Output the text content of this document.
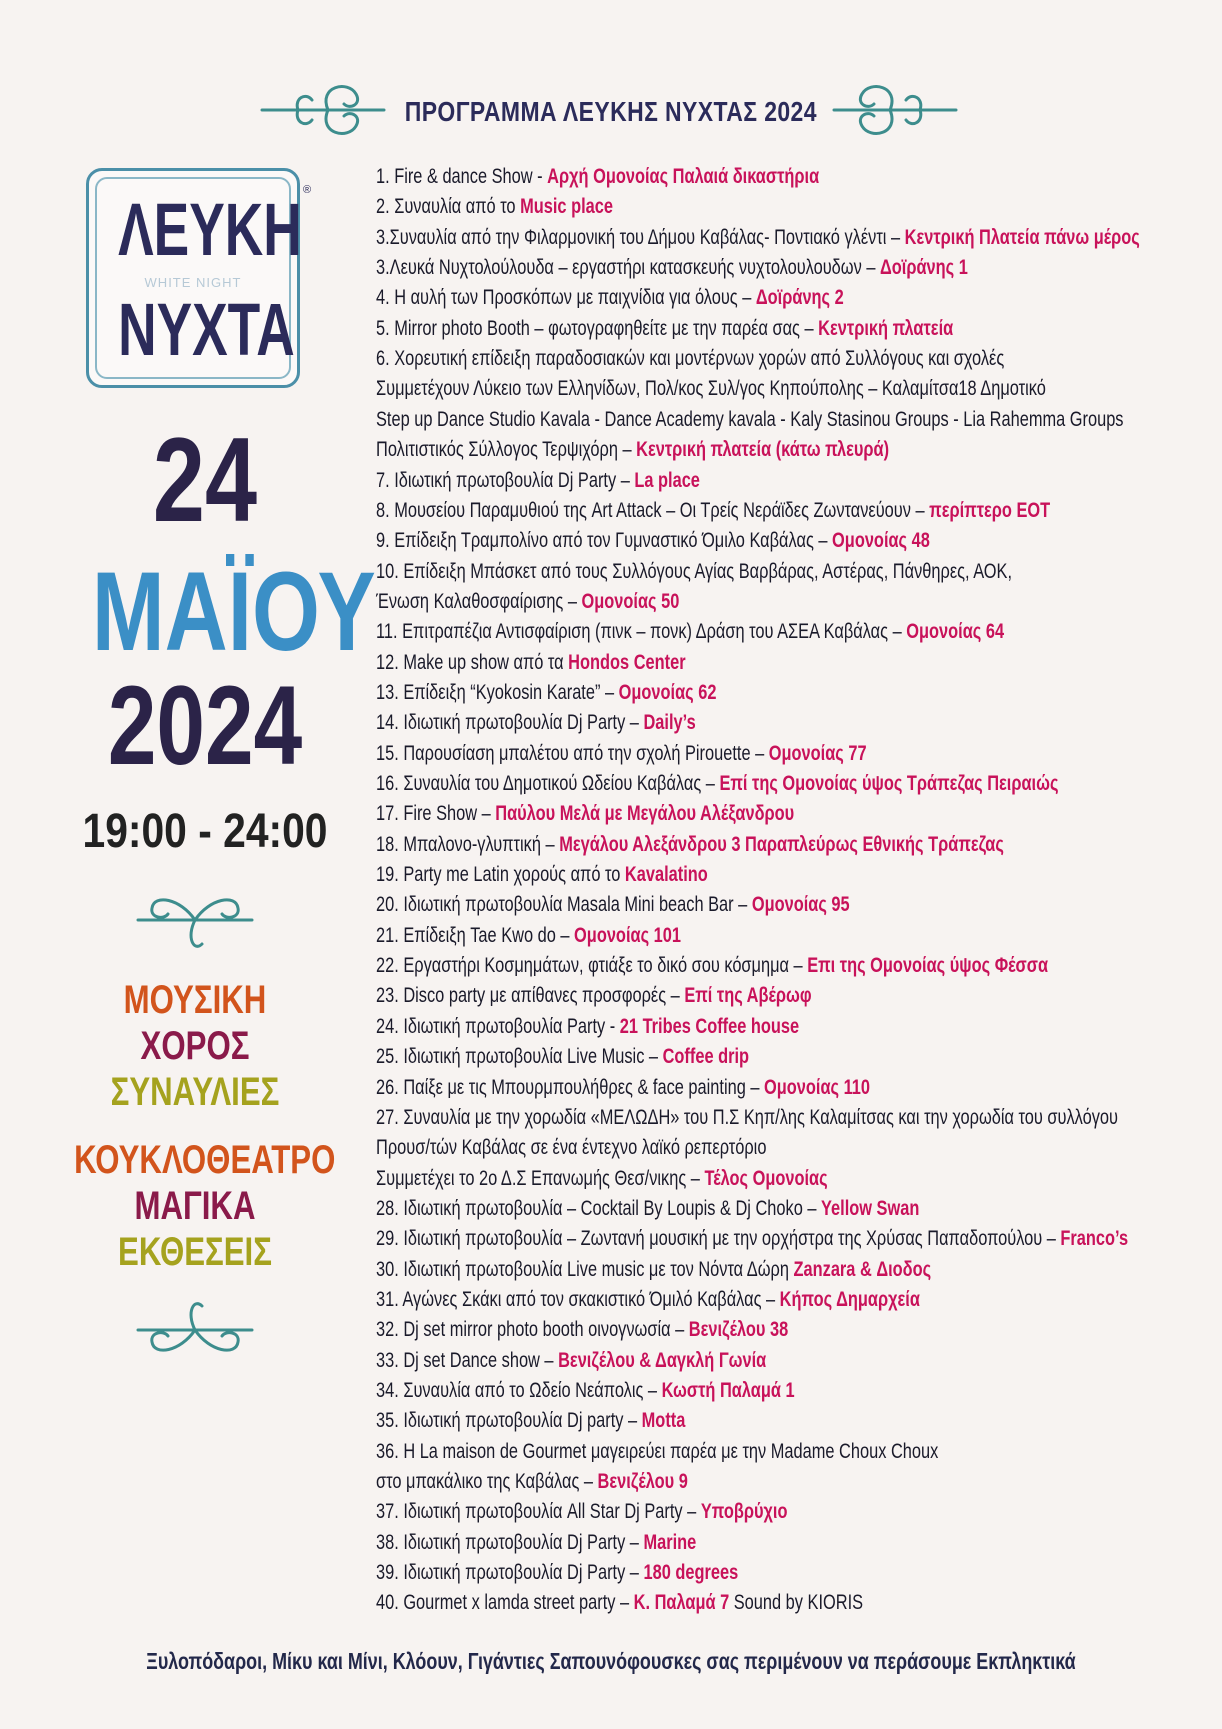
ΠΡΟΓΡΑΜΜΑ ΛΕΥΚΗΣ ΝΥΧΤΑΣ 2024
ΛΕΥΚΗ
WHITE NIGHT
ΝΥΧΤΑ
®
24
ΜΑΪΟΥ
2024
19:00 - 24:00
ΜΟΥΣΙΚΗ
ΧΟΡΟΣ
ΣΥΝΑΥΛΙΕΣ
ΚΟΥΚΛΟΘΕΑΤΡΟ
ΜΑΓΙΚΑ
ΕΚΘΕΣΕΙΣ
1. Fire & dance Show - Αρχή Ομονοίας Παλαιά δικαστήρια
2. Συναυλία από το Music place
3.Συναυλία από την Φιλαρμονική του Δήμου Καβάλας- Ποντιακό γλέντι – Κεντρική Πλατεία πάνω μέρος
3.Λευκά Νυχτολούλουδα – εργαστήρι κατασκευής νυχτολουλουδων – Δοϊράνης 1
4. Η αυλή των Προσκόπων με παιχνίδια για όλους – Δοϊράνης 2
5. Mirror photo Booth – φωτογραφηθείτε με την παρέα σας – Κεντρική πλατεία
6. Χορευτική επίδειξη παραδοσιακών και μοντέρνων χορών από Συλλόγους και σχολές
Συμμετέχουν Λύκειο των Ελληνίδων, Πολ/κος Συλ/γος Κηπούπολης – Καλαμίτσα18 Δημοτικό
Step up Dance Studio Kavala - Dance Academy kavala - Kaly Stasinou Groups - Lia Rahemma Groups
Πολιτιστικός Σύλλογος Τερψιχόρη – Κεντρική πλατεία (κάτω πλευρά)
7. Ιδιωτική πρωτοβουλία Dj Party – La place
8. Μουσείου Παραμυθιού της Art Attack – Οι Τρείς Νεράϊδες Ζωντανεύουν – περίπτερο ΕΟΤ
9. Επίδειξη Τραμπολίνο από τον Γυμναστικό Όμιλο Καβάλας – Ομονοίας 48
10. Επίδειξη Μπάσκετ από τους Συλλόγους Αγίας Βαρβάρας, Αστέρας, Πάνθηρες, ΑΟΚ,
Ένωση Καλαθοσφαίρισης – Ομονοίας 50
11. Επιτραπέζια Αντισφαίριση (πινκ – πονκ) Δράση του ΑΣΕΑ Καβάλας – Ομονοίας 64
12. Make up show από τα Hondos Center
13. Επίδειξη “Kyokosin Karate” – Ομονοίας 62
14. Ιδιωτική πρωτοβουλία Dj Party – Daily’s
15. Παρουσίαση μπαλέτου από την σχολή Pirouette – Ομονοίας 77
16. Συναυλία του Δημοτικού Ωδείου Καβάλας – Επί της Ομονοίας ύψος Τράπεζας Πειραιώς
17. Fire Show – Παύλου Μελά με Μεγάλου Αλέξανδρου
18. Μπαλονο-γλυπτική – Μεγάλου Αλεξάνδρου 3 Παραπλεύρως Εθνικής Τράπεζας
19. Party me Latin χορούς από το Kavalatino
20. Ιδιωτική πρωτοβουλία Masala Mini beach Bar – Ομονοίας 95
21. Επίδειξη Tae Kwo do – Ομονοίας 101
22. Εργαστήρι Κοσμημάτων, φτιάξε το δικό σου κόσμημα – Επι της Ομονοίας ύψος Φέσσα
23. Disco party με απίθανες προσφορές – Επί της Αβέρωφ
24. Ιδιωτική πρωτοβουλία Party - 21 Tribes Coffee house
25. Ιδιωτική πρωτοβουλία Live Music – Coffee drip
26. Παίξε με τις Μπουρμπουλήθρες & face painting – Ομονοίας 110
27. Συναυλία με την χορωδία «ΜΕΛΩΔΗ» του Π.Σ Κηπ/λης Καλαμίτσας και την χορωδία του συλλόγου
Προυσ/τών Καβάλας σε ένα έντεχνο λαϊκό ρεπερτόριο
Συμμετέχει το 2ο Δ.Σ Επανωμής Θεσ/νικης – Τέλος Ομονοίας
28. Ιδιωτική πρωτοβουλία – Cocktail By Loupis & Dj Choko – Yellow Swan
29. Ιδιωτική πρωτοβουλία – Ζωντανή μουσική με την ορχήστρα της Χρύσας Παπαδοπούλου – Franco’s
30. Ιδιωτική πρωτοβουλία Live music με τον Νόντα Δώρη Zanzara & Διοδος
31. Αγώνες Σκάκι από τον σκακιστικό Όμιλό Καβάλας – Κήπος Δημαρχεία
32. Dj set mirror photo booth οινογνωσία – Βενιζέλου 38
33. Dj set Dance show – Βενιζέλου & Δαγκλή Γωνία
34. Συναυλία από το Ωδείο Νεάπολις – Κωστή Παλαμά 1
35. Ιδιωτική πρωτοβουλία Dj party – Motta
36. H La maison de Gourmet μαγειρεύει παρέα με την Madame Choux Choux
στο μπακάλικο της Καβάλας – Βενιζέλου 9
37. Ιδιωτική πρωτοβουλία All Star Dj Party – Υποβρύχιο
38. Ιδιωτική πρωτοβουλία Dj Party – Marine
39. Ιδιωτική πρωτοβουλία Dj Party – 180 degrees
40. Gourmet x lamda street party – Κ. Παλαμά 7 Sound by KIORIS
Ξυλοπόδαροι, Μίκυ και Μίνι, Κλόουν, Γιγάντιες Σαπουνόφουσκες σας περιμένουν να περάσουμε Εκπληκτικά
